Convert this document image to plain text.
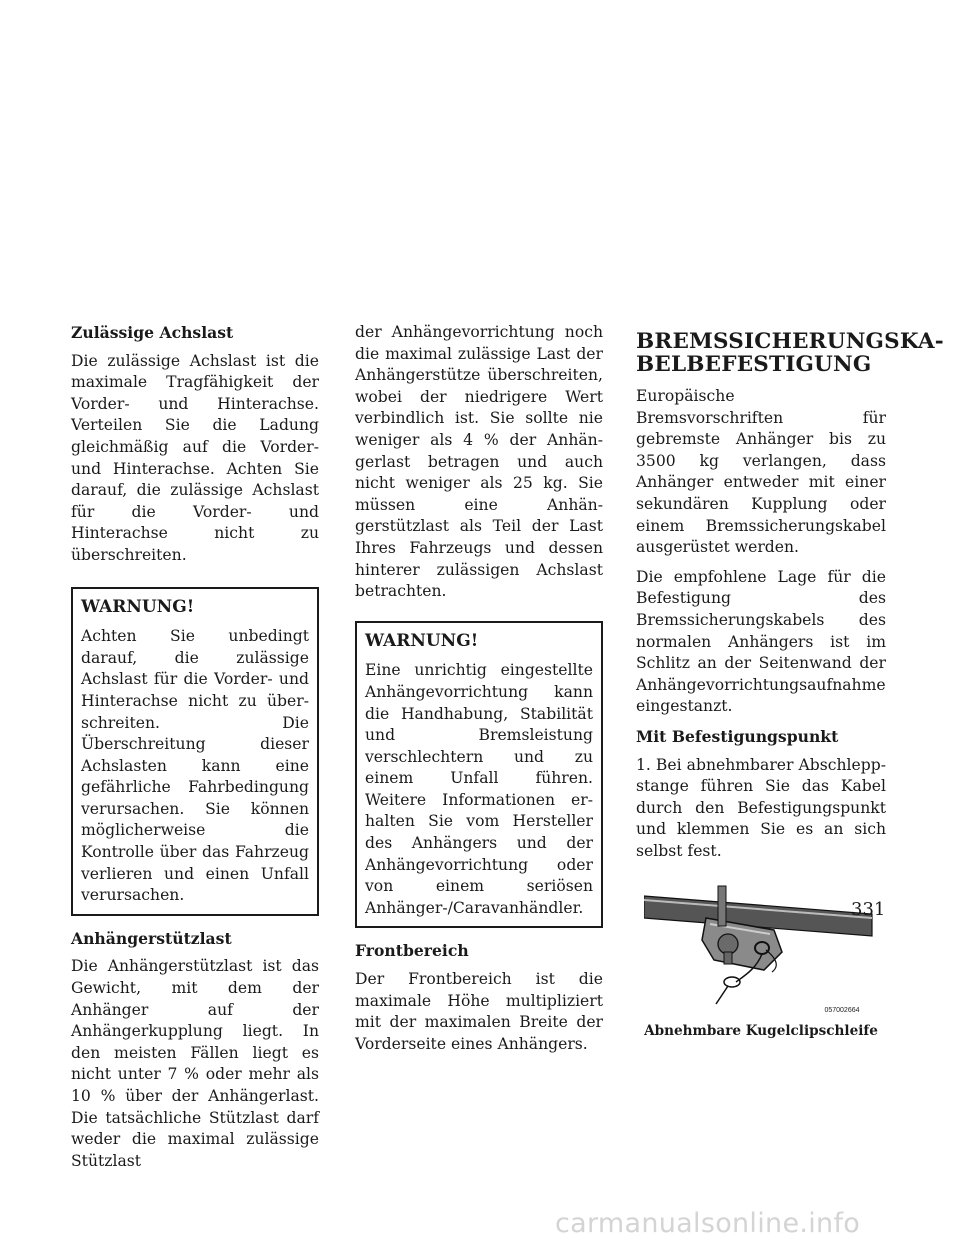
Zulässige Achslast

Die zulässige Achslast ist die maximale Tragfähigkeit der Vorder- und Hinterachse. Verteilen Sie die Ladung gleichmäßig auf die Vorder- und Hinterachse. Achten Sie darauf, die zulässige Achslast für die Vorder- und Hinterachse nicht zu überschreiten.

WARNUNG!

Achten Sie unbedingt darauf, die zulässige Achslast für die Vorder- und Hinterachse nicht zu überschreiten. Die Überschreitung dieser Achslasten kann eine gefährliche Fahrbedingung verursachen. Sie können möglicherweise die Kontrolle über das Fahrzeug verlieren und einen Unfall verursachen.

Anhängerstützlast

Die Anhängerstützlast ist das Gewicht, mit dem der Anhänger auf der Anhängerkupplung liegt. In den meisten Fällen liegt es nicht unter 7 % oder mehr als 10 % über der Anhängerlast. Die tatsächliche Stützlast darf weder die maximal zulässige Stützlast

der Anhängevorrichtung noch die maximal zulässige Last der Anhängerstütze überschreiten, wobei der niedrigere Wert verbindlich ist. Sie sollte nie weniger als 4 % der Anhängerlast betragen und auch nicht weniger als 25 kg. Sie müssen eine Anhängerstützlast als Teil der Last Ihres Fahrzeugs und dessen hinterer zulässigen Achslast betrachten.

WARNUNG!

Eine unrichtig eingestellte Anhängevorrichtung kann die Handhabung, Stabilität und Bremsleistung verschlechtern und zu einem Unfall führen. Weitere Informationen erhalten Sie vom Hersteller des Anhängers und der Anhängevorrichtung oder von einem seriösen Anhänger-/Caravanhändler.

Frontbereich

Der Frontbereich ist die maximale Höhe multipliziert mit der maximalen Breite der Vorderseite eines Anhängers.

BREMSSICHERUNGSKA-
BELBEFESTIGUNG

Europäische Bremsvorschriften für gebremste Anhänger bis zu 3500 kg verlangen, dass Anhänger entweder mit einer sekundären Kupplung oder einem Bremssicherungskabel ausgerüstet werden.

Die empfohlene Lage für die Befestigung des Bremssicherungskabels des normalen Anhängers ist im Schlitz an der Seitenwand der Anhängevorrichtungsaufnahme eingestanzt.

Mit Befestigungspunkt

1. Bei abnehmbarer Abschleppstange führen Sie das Kabel durch den Befestigungspunkt und klemmen Sie es an sich selbst fest.

057002664
Abnehmbare Kugelclipschleife
331
carmanualsonline.info
